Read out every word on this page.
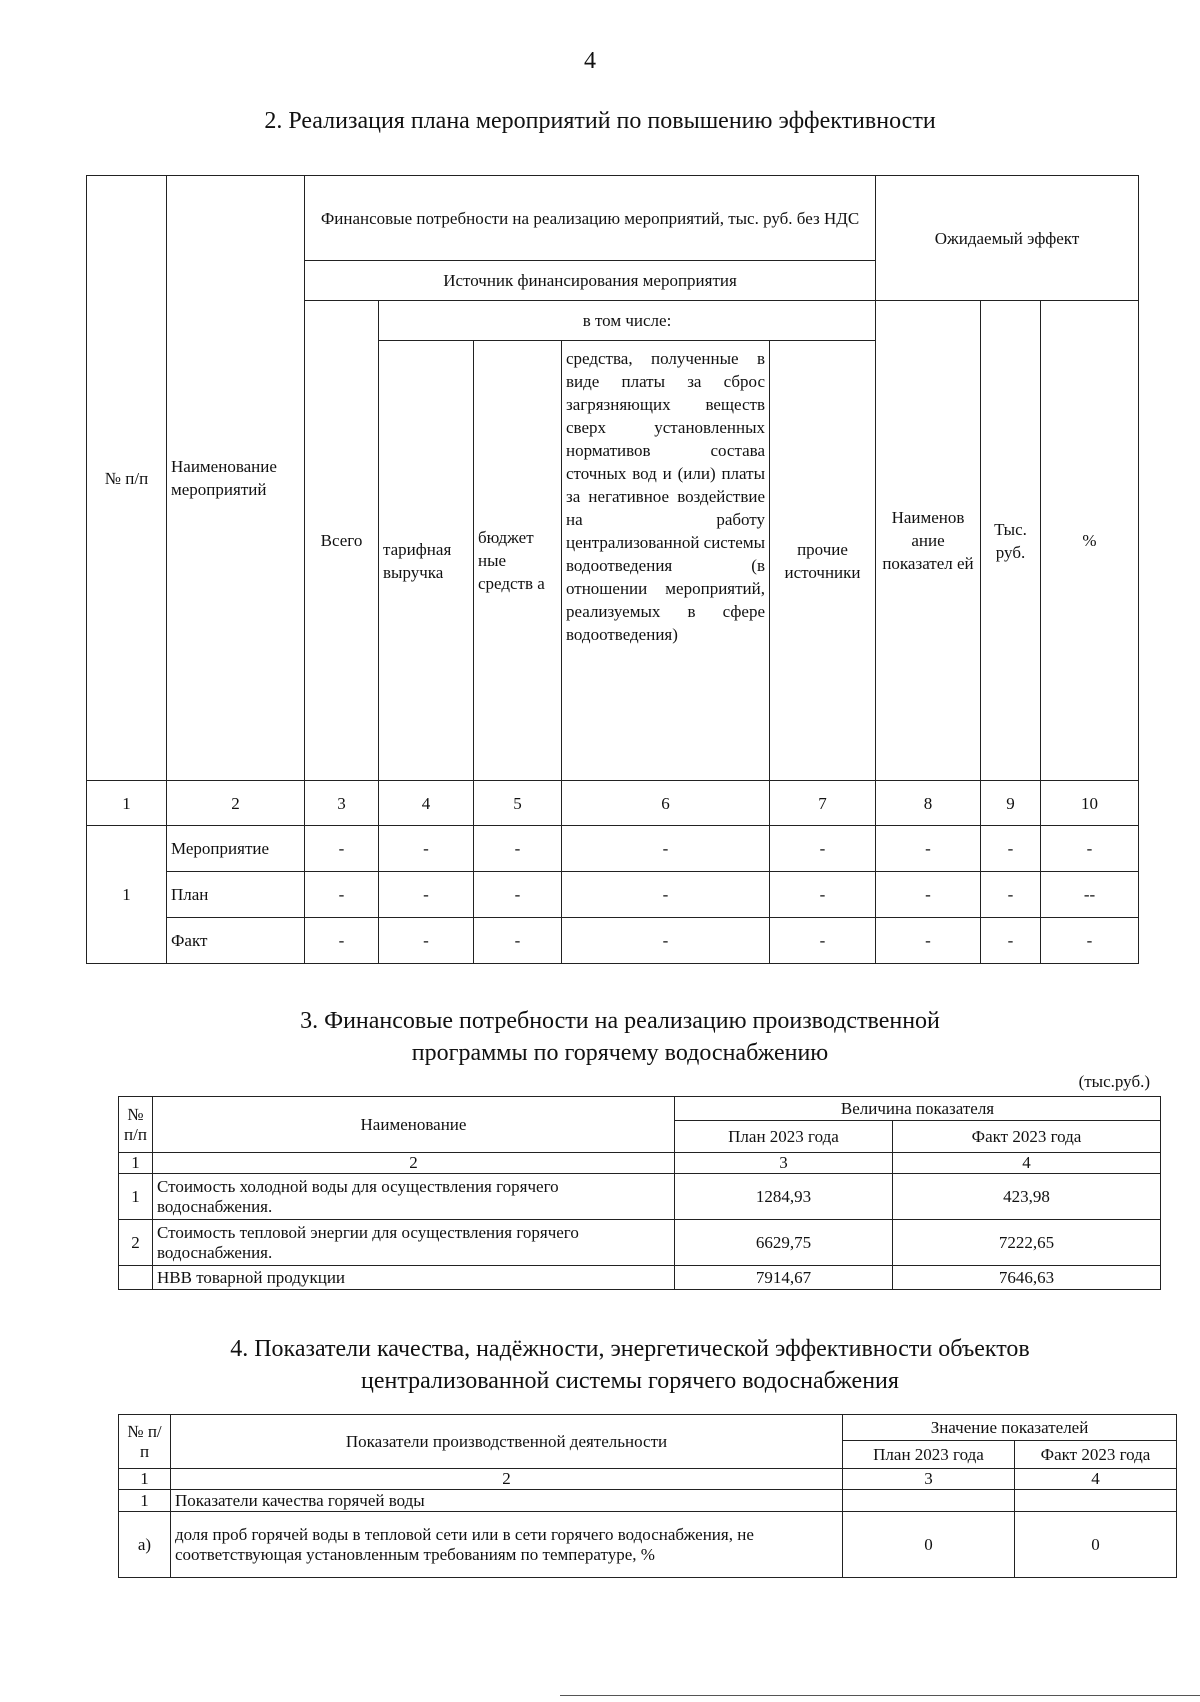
4
2. Реализация плана мероприятий по повышению эффективности
№ п/п	Наименование мероприятий	Финансовые потребности на реализацию мероприятий, тыс. руб. без НДС					Ожидаемый эффект		
		Источник финансирования мероприятия							
		Всего	в том числе:				Наименов ание показател ей	Тыс. руб.	%
			тарифная выручка	бюджет ные средств а	средства, полученные в виде платы за сброс загрязняющих веществ сверх установленных нормативов состава сточных вод и (или) платы за негативное воздействие на работу централизованной системы водоотведения (в отношении мероприятий, реализуемых в сфере водоотведения)	прочие источники			

1	2	3	4	5	6	7	8	9	10
1	Мероприятие	-	-	-	-	-	-	-	-
	План	-	-	-	-	-	-	-	--
	Факт	-	-	-	-	-	-	-	-
3. Финансовые потребности на реализацию производственной
программы по горячему водоснабжению
(тыс.руб.)
№ п/п	Наименование	Величина показателя	
		План 2023 года	Факт 2023 года
1	2	3	4
1	Стоимость холодной воды для осуществления горячего водоснабжения.	1284,93	423,98
2	Стоимость тепловой энергии для осуществления горячего водоснабжения.	6629,75	7222,65
	НВВ товарной продукции	7914,67	7646,63
4. Показатели качества, надёжности, энергетической эффективности объектов
централизованной системы горячего водоснабжения
№ п/п	Показатели производственной деятельности	Значение показателей	
		План 2023 года	Факт 2023 года
1	2	3	4
1	Показатели качества горячей воды		
а)	доля проб горячей воды в тепловой сети или в сети горячего водоснабжения, не соответствующая установленным требованиям по температуре, %	0	0
